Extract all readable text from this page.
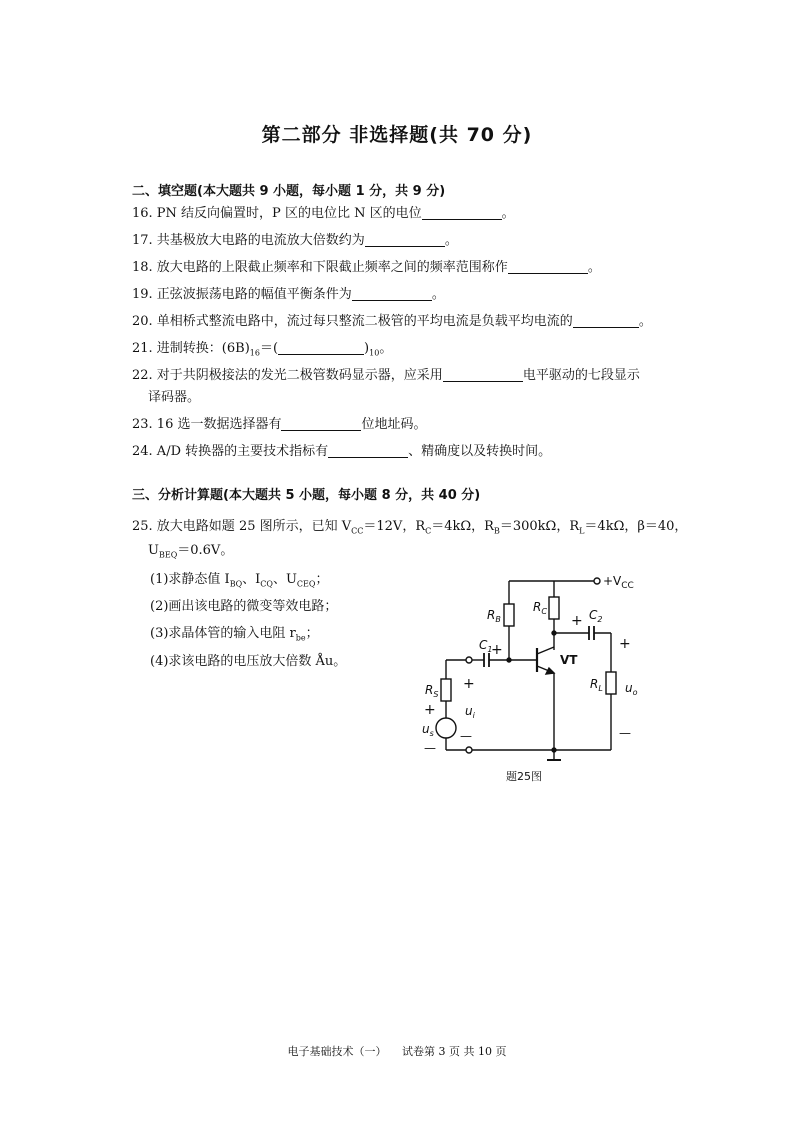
第二部分 非选择题(共 70 分)
二、填空题(本大题共 9 小题，每小题 1 分，共 9 分)
16. PN 结反向偏置时，P 区的电位比 N 区的电位	。
17. 共基极放大电路的电流放大倍数约为	。
18. 放大电路的上限截止频率和下限截止频率之间的频率范围称作	。
19. 正弦波振荡电路的幅值平衡条件为	。
20. 单相桥式整流电路中，流过每只整流二极管的平均电流是负载平均电流的	。
21. 进制转换：$(6B)_{16}=$(	)$_{10}$。
22. 对于共阴极接法的发光二极管数码显示器，应采用	电平驱动的七段显示
译码器。
23. 16 选一数据选择器有	位地址码。
24. A/D 转换器的主要技术指标有	、精确度以及转换时间。
三、分析计算题(本大题共 5 小题，每小题 8 分，共 40 分)
25. 放大电路如题 25 图所示，已知 $V_{CC}=12V$，$R_C=4k\Omega$，$R_B=300k\Omega$，$R_L=4k\Omega$，β＝40，
$U_{BEQ}=0.6V$。
(1)求静态值 $I_{BQ}$、$I_{CQ}$、$U_{CEQ}$；
(2)画出该电路的微变等效电路；
(3)求晶体管的输入电阻 $r_{be}$；
(4)求该电路的电压放大倍数 Åu。
$+V_{CC}$
$R_B$
$R_C$	$C_2$
+
$C_1$
+
VT
+
$R_L$ $u_o$
—
+
$R_S$
$u_i$
+
$u_s$ —
—
题25图
电子基础技术（一） 试卷第 3 页 共 10 页
